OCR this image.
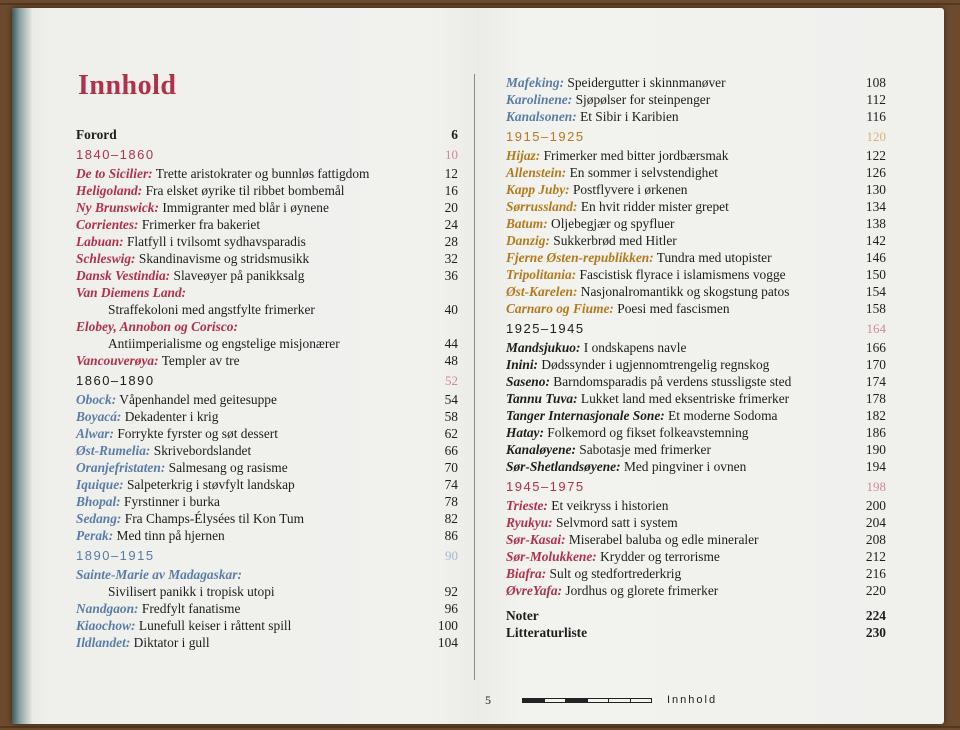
Innhold
Forord	6
1840–1860	10
De to Sicilier: Trette aristokrater og bunnløs fattigdom	12
Heligoland: Fra elsket øyrike til ribbet bombemål	16
Ny Brunswick: Immigranter med blår i øynene	20
Corrientes: Frimerker fra bakeriet	24
Labuan: Flatfyll i tvilsomt sydhavsparadis	28
Schleswig: Skandinavisme og stridsmusikk	32
Dansk Vestindia: Slaveøyer på panikksalg	36
Van Diemens Land:
Straffekoloni med angstfylte frimerker	40
Elobey, Annobon og Corisco:
Antiimperialisme og engstelige misjonærer	44
Vancouverøya: Templer av tre	48
1860–1890	52
Obock: Våpenhandel med geitesuppe	54
Boyacá: Dekadenter i krig	58
Alwar: Forrykte fyrster og søt dessert	62
Øst-Rumelia: Skrivebordslandet	66
Oranjefristaten: Salmesang og rasisme	70
Iquique: Salpeterkrig i støvfylt landskap	74
Bhopal: Fyrstinner i burka	78
Sedang: Fra Champs-Élysées til Kon Tum	82
Perak: Med tinn på hjernen	86
1890–1915	90
Sainte-Marie av Madagaskar:
Sivilisert panikk i tropisk utopi	92
Nandgaon: Fredfylt fanatisme	96
Kiaochow: Lunefull keiser i råttent spill	100
Ildlandet: Diktator i gull	104
Mafeking: Speidergutter i skinnmanøver	108
Karolinene: Sjøpølser for steinpenger	112
Kanalsonen: Et Sibir i Karibien	116
1915–1925	120
Hijaz: Frimerker med bitter jordbærsmak	122
Allenstein: En sommer i selvstendighet	126
Kapp Juby: Postflyvere i ørkenen	130
Sørrussland: En hvit ridder mister grepet	134
Batum: Oljebegjær og spyfluer	138
Danzig: Sukkerbrød med Hitler	142
Fjerne Østen-republikken: Tundra med utopister	146
Tripolitania: Fascistisk flyrace i islamismens vogge	150
Øst-Karelen: Nasjonalromantikk og skogstung patos	154
Carnaro og Fiume: Poesi med fascismen	158
1925–1945	164
Mandsjukuo: I ondskapens navle	166
Inini: Dødssynder i ugjennomtrengelig regnskog	170
Saseno: Barndomsparadis på verdens stussligste sted	174
Tannu Tuva: Lukket land med eksentriske frimerker	178
Tanger Internasjonale Sone: Et moderne Sodoma	182
Hatay: Folkemord og fikset folkeavstemning	186
Kanaløyene: Sabotasje med frimerker	190
Sør-Shetlandsøyene: Med pingviner i ovnen	194
1945–1975	198
Trieste: Et veikryss i historien	200
Ryukyu: Selvmord satt i system	204
Sør-Kasai: Miserabel baluba og edle mineraler	208
Sør-Molukkene: Krydder og terrorisme	212
Biafra: Sult og stedfortrederkrig	216
ØvreYafa: Jordhus og glorete frimerker	220
Noter	224
Litteraturliste	230
5	Innhold
